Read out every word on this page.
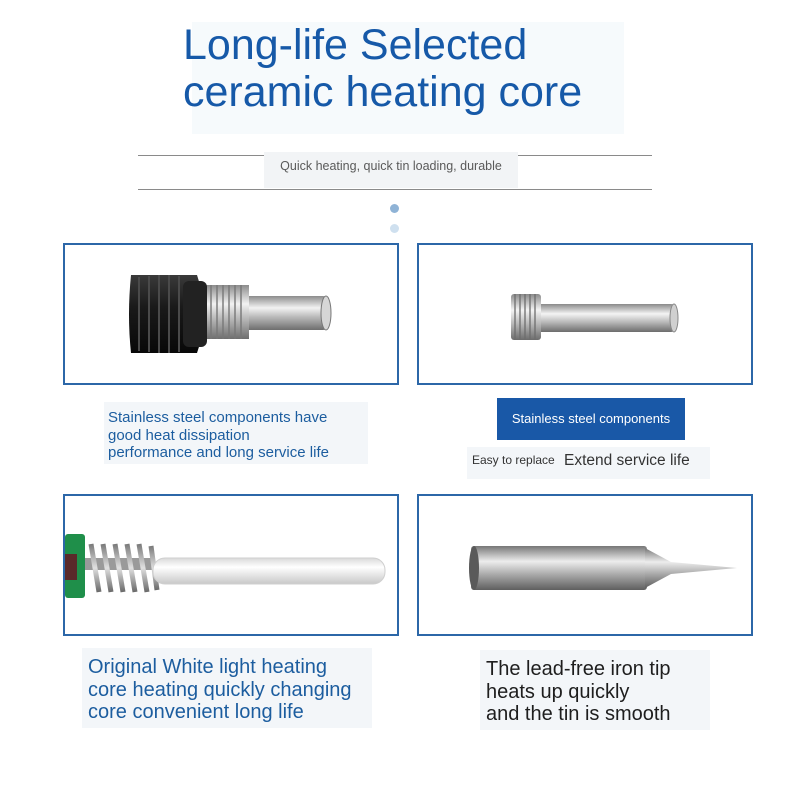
Long-life Selected

ceramic heating core
Quick heating, quick tin loading, durable
Stainless steel components have
good heat dissipation
performance and long service life
Stainless steel components
Easy to replace Extend service life
Original White light heating
core heating quickly changing
core convenient long life
The lead-free iron tip
heats up quickly
and the tin is smooth
